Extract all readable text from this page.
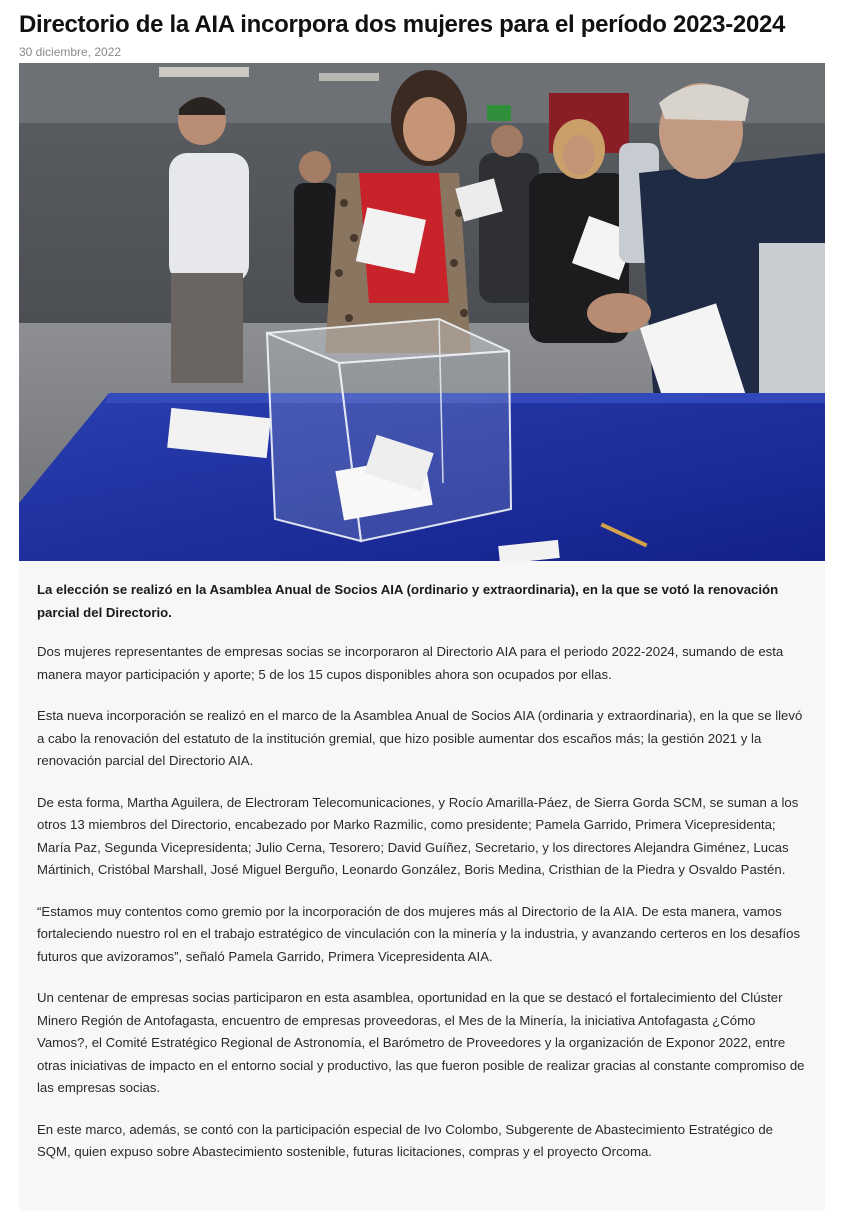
Directorio de la AIA incorpora dos mujeres para el período 2023-2024
30 diciembre, 2022

La elección se realizó en la Asamblea Anual de Socios AIA (ordinario y extraordinaria), en la que se votó la renovación parcial del Directorio.

Dos mujeres representantes de empresas socias se incorporaron al Directorio AIA para el periodo 2022-2024, sumando de esta manera mayor participación y aporte; 5 de los 15 cupos disponibles ahora son ocupados por ellas.

Esta nueva incorporación se realizó en el marco de la Asamblea Anual de Socios AIA (ordinaria y extraordinaria), en la que se llevó a cabo la renovación del estatuto de la institución gremial, que hizo posible aumentar dos escaños más; la gestión 2021 y la renovación parcial del Directorio AIA.

De esta forma, Martha Aguilera, de Electroram Telecomunicaciones, y Rocío Amarilla-Páez, de Sierra Gorda SCM, se suman a los otros 13 miembros del Directorio, encabezado por Marko Razmilic, como presidente; Pamela Garrido, Primera Vicepresidenta; María Paz, Segunda Vicepresidenta; Julio Cerna, Tesorero; David Guíñez, Secretario, y los directores Alejandra Giménez, Lucas Mártinich, Cristóbal Marshall, José Miguel Berguño, Leonardo González, Boris Medina, Cristhian de la Piedra y Osvaldo Pastén.

“Estamos muy contentos como gremio por la incorporación de dos mujeres más al Directorio de la AIA. De esta manera, vamos fortaleciendo nuestro rol en el trabajo estratégico de vinculación con la minería y la industria, y avanzando certeros en los desafíos futuros que avizoramos”, señaló Pamela Garrido, Primera Vicepresidenta AIA.

Un centenar de empresas socias participaron en esta asamblea, oportunidad en la que se destacó el fortalecimiento del Clúster Minero Región de Antofagasta, encuentro de empresas proveedoras, el Mes de la Minería, la iniciativa Antofagasta ¿Cómo Vamos?, el Comité Estratégico Regional de Astronomía, el Barómetro de Proveedores y la organización de Exponor 2022, entre otras iniciativas de impacto en el entorno social y productivo, las que fueron posible de realizar gracias al constante compromiso de las empresas socias.

En este marco, además, se contó con la participación especial de Ivo Colombo, Subgerente de Abastecimiento Estratégico de SQM, quien expuso sobre Abastecimiento sostenible, futuras licitaciones, compras y el proyecto Orcoma.
